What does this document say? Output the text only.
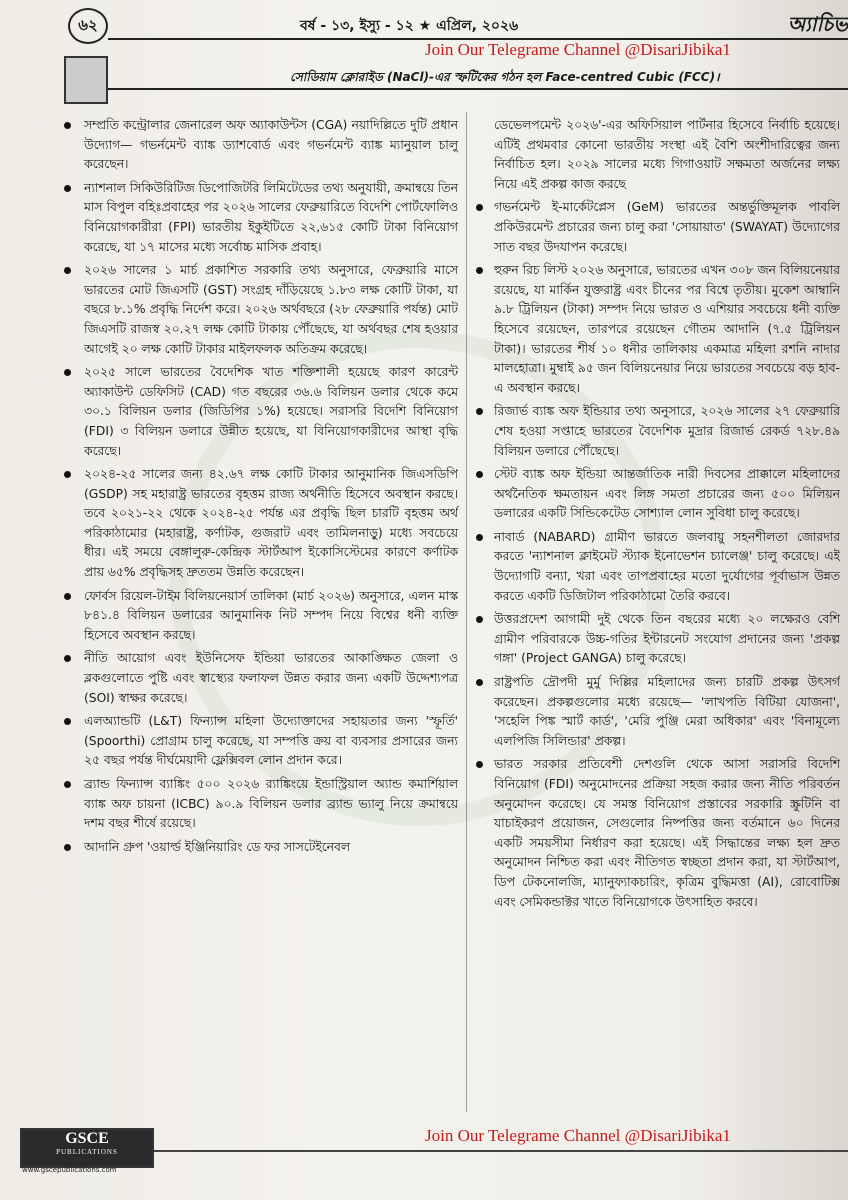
৬২	বর্ষ - ১৩, ইস্যু - ১২ ★ এপ্রিল, ২০২৬	অ্যাচিভ
Join Our Telegrame Channel @DisariJibika1
সোডিয়াম ক্লোরাইড (NaCl)-এর স্ফটিকের গঠন হল Face-centred Cubic (FCC)।
সম্প্রতি কন্ট্রোলার জেনারেল অফ অ্যাকাউন্টস (CGA) নয়াদিল্লিতে দুটি প্রধান উদ্যোগ— গভর্নমেন্ট ব্যাঙ্ক ড্যাশবোর্ড এবং গভর্নমেন্ট ব্যাঙ্ক ম্যানুয়াল চালু করেছেন।
ন্যাশনাল সিকিউরিটিজ ডিপোজিটরি লিমিটেডের তথ্য অনুযায়ী, ক্রমান্বয়ে তিন মাস বিপুল বহিঃপ্রবাহের পর ২০২৬ সালের ফেব্রুয়ারিতে বিদেশি পোর্টফোলিও বিনিয়োগকারীরা (FPI) ভারতীয় ইকুইটিতে ২২,৬১৫ কোটি টাকা বিনিয়োগ করেছে, যা ১৭ মাসের মধ্যে সর্বোচ্চ মাসিক প্রবাহ।
২০২৬ সালের ১ মার্চ প্রকাশিত সরকারি তথ্য অনুসারে, ফেব্রুয়ারি মাসে ভারতের মোট জিএসটি (GST) সংগ্রহ দাঁড়িয়েছে ১.৮৩ লক্ষ কোটি টাকা, যা বছরে ৮.১% প্রবৃদ্ধি নির্দেশ করে। ২০২৬ অর্থবছরে (২৮ ফেব্রুয়ারি পর্যন্ত) মোট জিএসটি রাজস্ব ২০.২৭ লক্ষ কোটি টাকায় পৌঁছেছে, যা অর্থবছর শেষ হওয়ার আগেই ২০ লক্ষ কোটি টাকার মাইলফলক অতিক্রম করেছে।
২০২৫ সালে ভারতের বৈদেশিক খাত শক্তিশালী হয়েছে কারণ কারেন্ট অ্যাকাউন্ট ডেফিসিট (CAD) গত বছরের ৩৬.৬ বিলিয়ন ডলার থেকে কমে ৩০.১ বিলিয়ন ডলার (জিডিপির ১%) হয়েছে। সরাসরি বিদেশি বিনিয়োগ (FDI) ৩ বিলিয়ন ডলারে উন্নীত হয়েছে, যা বিনিয়োগকারীদের আস্থা বৃদ্ধি করেছে।
২০২৪-২৫ সালের জন্য ৪২.৬৭ লক্ষ কোটি টাকার আনুমানিক জিএসডিপি (GSDP) সহ মহারাষ্ট্র ভারতের বৃহত্তম রাজ্য অর্থনীতি হিসেবে অবস্থান করছে। তবে ২০২১-২২ থেকে ২০২৪-২৫ পর্যন্ত এর প্রবৃদ্ধি ছিল চারটি বৃহত্তম অর্থ পরিকাঠামোর (মহারাষ্ট্র, কর্ণাটক, গুজরাট এবং তামিলনাড়ু) মধ্যে সবচেয়ে ধীর। এই সময়ে বেঙ্গালুরু-কেন্দ্রিক স্টার্টআপ ইকোসিস্টেমের কারণে কর্ণাটক প্রায় ৬৫% প্রবৃদ্ধিসহ দ্রুততম উন্নতি করেছেন।
ফোর্বস রিয়েল-টাইম বিলিয়নেয়ার্স তালিকা (মার্চ ২০২৬) অনুসারে, এলন মাস্ক ৮৪১.৪ বিলিয়ন ডলারের আনুমানিক নিট সম্পদ নিয়ে বিশ্বের ধনী ব্যক্তি হিসেবে অবস্থান করছে।
নীতি আয়োগ এবং ইউনিসেফ ইন্ডিয়া ভারতের আকাঙ্ক্ষিত জেলা ও ব্লকগুলোতে পুষ্টি এবং স্বাস্থ্যের ফলাফল উন্নত করার জন্য একটি উদ্দেশ্যপত্র (SOI) স্বাক্ষর করেছে।
এলঅ্যান্ডটি (L&T) ফিন্যান্স মহিলা উদ্যোক্তাদের সহায়তার জন্য 'স্ফূর্তি' (Spoorthi) প্রোগ্রাম চালু করেছে, যা সম্পত্তি ক্রয় বা ব্যবসার প্রসারের জন্য ২৫ বছর পর্যন্ত দীর্ঘমেয়াদী ফ্লেক্সিবল লোন প্রদান করে।
ব্র্যান্ড ফিন্যান্স ব্যাঙ্কিং ৫০০ ২০২৬ র‍্যাঙ্কিংয়ে ইন্ডাস্ট্রিয়াল অ্যান্ড কমার্শিয়াল ব্যাঙ্ক অফ চায়না (ICBC) ৯০.৯ বিলিয়ন ডলার ব্র্যান্ড ভ্যালু নিয়ে ক্রমান্বয়ে দশম বছর শীর্ষে রয়েছে।
আদানি গ্রুপ 'ওয়ার্ল্ড ইঞ্জিনিয়ারিং ডে ফর সাসটেইনেবল
ডেভেলপমেন্ট ২০২৬'-এর অফিসিয়াল পার্টনার হিসেবে নির্বাচি হয়েছে। এটিই প্রথমবার কোনো ভারতীয় সংস্থা এই বৈশি অংশীদারিত্বের জন্য নির্বাচিত হল। ২০২৯ সালের মধ্যে গিগাওয়াট সক্ষমতা অর্জনের লক্ষ্য নিয়ে এই প্রকল্প কাজ করছে
গভর্নমেন্ট ই-মার্কেটপ্লেস (GeM) ভারতের অন্তর্ভুক্তিমূলক পাবলি প্রকিউরমেন্ট প্রচারের জন্য চালু করা 'সোয়ায়াত' (SWAYAT) উদ্যোগের সাত বছর উদযাপন করেছে।
হুরুন রিচ লিস্ট ২০২৬ অনুসারে, ভারতের এখন ৩০৮ জন বিলিয়নেয়ার রয়েছে, যা মার্কিন যুক্তরাষ্ট্র এবং চীনের পর বিশ্বে তৃতীয়। মুকেশ আম্বানি ৯.৮ ট্রিলিয়ন (টাকা) সম্পদ নিয়ে ভারত ও এশিয়ার সবচেয়ে ধনী ব্যক্তি হিসেবে রয়েছেন, তারপরে রয়েছেন গৌতম আদানি (৭.৫ ট্রিলিয়ন টাকা)। ভারতের শীর্ষ ১০ ধনীর তালিকায় একমাত্র মহিলা রশনি নাদার মালহোত্রা। মুম্বাই ৯৫ জন বিলিয়নেয়ার নিয়ে ভারতের সবচেয়ে বড় হাব-এ অবস্থান করছে।
রিজার্ভ ব্যাঙ্ক অফ ইন্ডিয়ার তথ্য অনুসারে, ২০২৬ সালের ২৭ ফেব্রুয়ারি শেষ হওয়া সপ্তাহে ভারতের বৈদেশিক মুদ্রার রিজার্ভ রেকর্ড ৭২৮.৪৯ বিলিয়ন ডলারে পৌঁছেছে।
স্টেট ব্যাঙ্ক অফ ইন্ডিয়া আন্তর্জাতিক নারী দিবসের প্রাক্কালে মহিলাদের অর্থনৈতিক ক্ষমতায়ন এবং লিঙ্গ সমতা প্রচারের জন্য ৫০০ মিলিয়ন ডলারের একটি সিন্ডিকেটেড সোশ্যাল লোন সুবিধা চালু করেছে।
নাবার্ড (NABARD) গ্রামীণ ভারতে জলবায়ু সহনশীলতা জোরদার করতে 'ন্যাশনাল ক্লাইমেট স্ট্যাক ইনোভেশন চ্যালেঞ্জ' চালু করেছে। এই উদ্যোগটি বন্যা, খরা এবং তাপপ্রবাহের মতো দুর্যোগের পূর্বাভাস উন্নত করতে একটি ডিজিটাল পরিকাঠামো তৈরি করবে।
উত্তরপ্রদেশ আগামী দুই থেকে তিন বছরের মধ্যে ২০ লক্ষেরও বেশি গ্রামীণ পরিবারকে উচ্চ-গতির ইন্টারনেট সংযোগ প্রদানের জন্য 'প্রকল্প গঙ্গা' (Project GANGA) চালু করেছে।
রাষ্ট্রপতি দ্রৌপদী মুর্মু দিল্লির মহিলাদের জন্য চারটি প্রকল্প উৎসর্গ করেছেন। প্রকল্পগুলোর মধ্যে রয়েছে— 'লাখপতি বিটিয়া যোজনা', 'সহেলি পিঙ্ক স্মার্ট কার্ড', 'মেরি পুঞ্জি মেরা অধিকার' এবং 'বিনামূল্যে এলপিজি সিলিন্ডার' প্রকল্প।
ভারত সরকার প্রতিবেশী দেশগুলি থেকে আসা সরাসরি বিদেশি বিনিয়োগ (FDI) অনুমোদনের প্রক্রিয়া সহজ করার জন্য নীতি পরিবর্তন অনুমোদন করেছে। যে সমস্ত বিনিয়োগ প্রস্তাবের সরকারি স্ক্রুটিনি বা যাচাইকরণ প্রয়োজন, সেগুলোর নিষ্পত্তির জন্য বর্তমানে ৬০ দিনের একটি সময়সীমা নির্ধারণ করা হয়েছে। এই সিদ্ধান্তের লক্ষ্য হল দ্রুত অনুমোদন নিশ্চিত করা এবং নীতিগত স্বচ্ছতা প্রদান করা, যা স্টার্টআপ, ডিপ টেকনোলজি, ম্যানুফ্যাকচারিং, কৃত্রিম বুদ্ধিমত্তা (AI), রোবোটিক্স এবং সেমিকন্ডাক্টর খাতে বিনিয়োগকে উৎসাহিত করবে।
GSCE
PUBLICATIONS
www.gscepublications.com
Join Our Telegrame Channel @DisariJibika1
